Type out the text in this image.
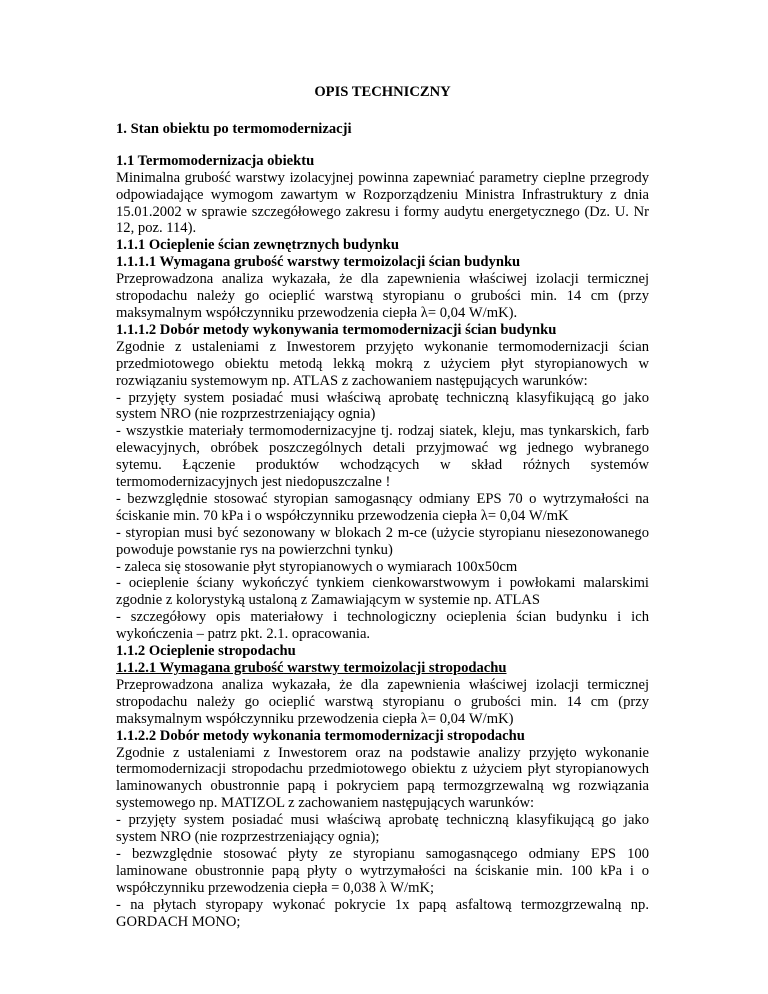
OPIS TECHNICZNY

1. Stan obiektu po termomodernizacji

1.1 Termomodernizacja obiektu

Minimalna grubość warstwy izolacyjnej powinna zapewniać parametry cieplne przegrody odpowiadające wymogom zawartym w Rozporządzeniu Ministra Infrastruktury z dnia 15.01.2002 w sprawie szczegółowego zakresu i formy audytu energetycznego (Dz. U. Nr 12, poz. 114).

1.1.1 Ocieplenie ścian zewnętrznych budynku

1.1.1.1 Wymagana grubość warstwy termoizolacji ścian budynku

Przeprowadzona analiza wykazała, że dla zapewnienia właściwej izolacji termicznej stropodachu należy go ocieplić warstwą styropianu o grubości min. 14 cm (przy maksymalnym współczynniku przewodzenia ciepła λ= 0,04 W/mK).

1.1.1.2 Dobór metody wykonywania termomodernizacji ścian budynku

Zgodnie z ustaleniami z Inwestorem przyjęto wykonanie termomodernizacji ścian przedmiotowego obiektu metodą lekką mokrą z użyciem płyt styropianowych w rozwiązaniu systemowym np. ATLAS z zachowaniem następujących warunków:

- przyjęty system posiadać musi właściwą aprobatę techniczną klasyfikującą go jako system NRO (nie rozprzestrzeniający ognia)

- wszystkie materiały termomodernizacyjne tj. rodzaj siatek, kleju, mas tynkarskich, farb elewacyjnych, obróbek poszczególnych detali przyjmować wg jednego wybranego sytemu. Łączenie produktów wchodzących w skład różnych systemów termomodernizacyjnych jest niedopuszczalne !

- bezwzględnie stosować styropian samogasnący odmiany EPS 70 o wytrzymałości na ściskanie min. 70 kPa i o współczynniku przewodzenia ciepła λ= 0,04 W/mK

- styropian musi być sezonowany w blokach 2 m-ce (użycie styropianu niesezonowanego powoduje powstanie rys na powierzchni tynku)

- zaleca się stosowanie płyt styropianowych o wymiarach 100x50cm

- ocieplenie ściany wykończyć tynkiem cienkowarstwowym i powłokami malarskimi zgodnie z kolorystyką ustaloną z Zamawiającym w systemie np. ATLAS

- szczegółowy opis materiałowy i technologiczny ocieplenia ścian budynku i ich wykończenia – patrz pkt. 2.1. opracowania.

1.1.2 Ocieplenie stropodachu

1.1.2.1 Wymagana grubość warstwy termoizolacji stropodachu

Przeprowadzona analiza wykazała, że dla zapewnienia właściwej izolacji termicznej stropodachu należy go ocieplić warstwą styropianu o grubości min. 14 cm (przy maksymalnym współczynniku przewodzenia ciepła λ= 0,04 W/mK)

1.1.2.2 Dobór metody wykonania termomodernizacji stropodachu

Zgodnie z ustaleniami z Inwestorem oraz na podstawie analizy przyjęto wykonanie termomodernizacji stropodachu przedmiotowego obiektu z użyciem płyt styropianowych laminowanych obustronnie papą i pokryciem papą termozgrzewalną wg rozwiązania systemowego np. MATIZOL z zachowaniem następujących warunków:

- przyjęty system posiadać musi właściwą aprobatę techniczną klasyfikującą go jako system NRO (nie rozprzestrzeniający ognia);

- bezwzględnie stosować płyty ze styropianu samogasnącego odmiany EPS 100 laminowane obustronnie papą płyty o wytrzymałości na ściskanie min. 100 kPa i o współczynniku przewodzenia ciepła = 0,038 λ W/mK;

- na płytach styropapy wykonać pokrycie 1x papą asfaltową termozgrzewalną np. GORDACH MONO;
